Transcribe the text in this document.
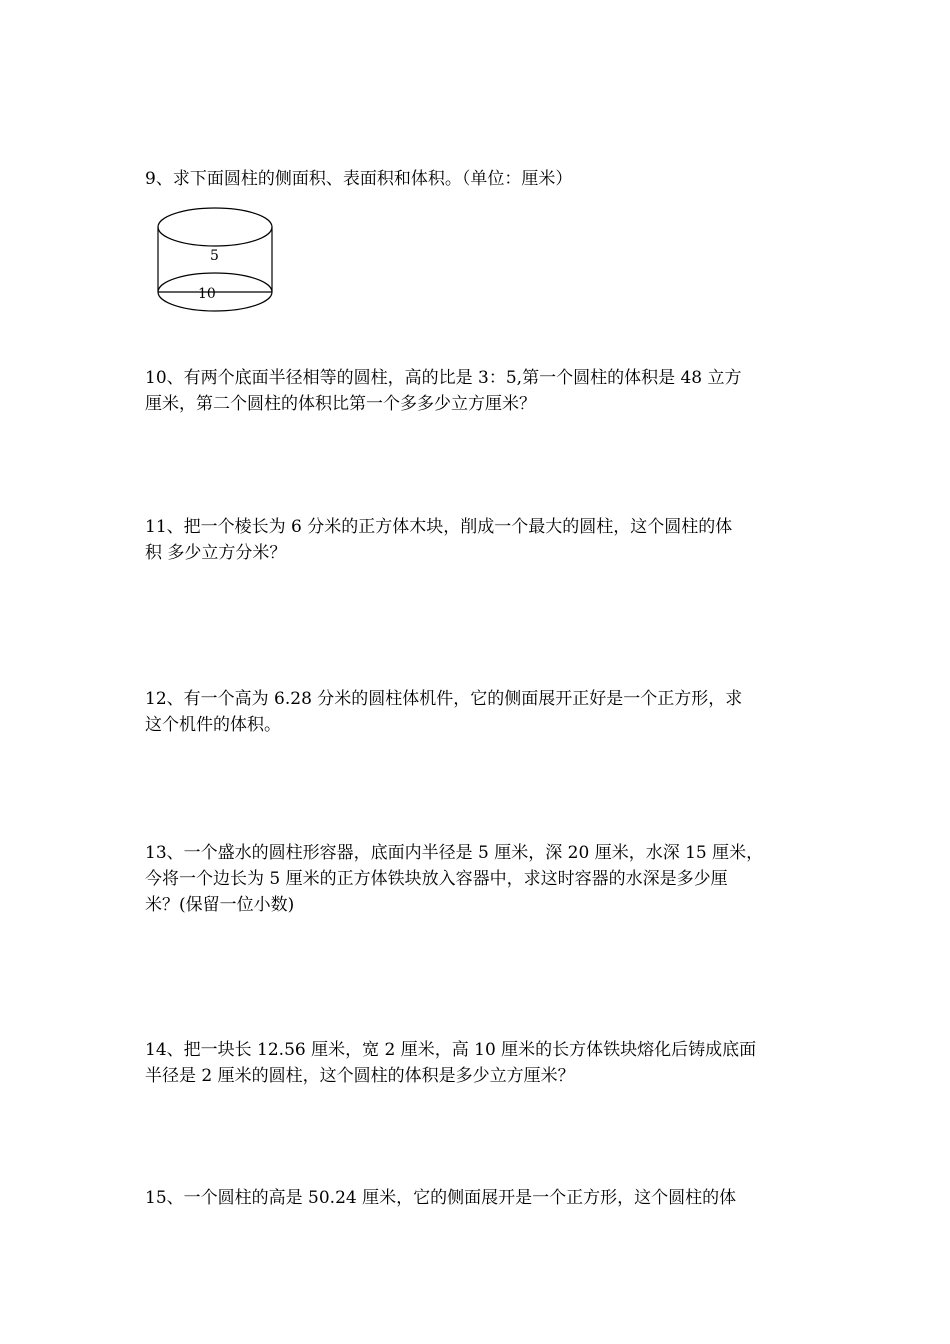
9、求下面圆柱的侧面积、表面积和体积。（单位：厘米）
5
10
10、有两个底面半径相等的圆柱，高的比是 3：5,第一个圆柱的体积是 48 立方
厘米，第二个圆柱的体积比第一个多多少立方厘米？
11、把一个棱长为 6 分米的正方体木块，削成一个最大的圆柱，这个圆柱的体
积 多少立方分米？
12、有一个高为 6.28 分米的圆柱体机件，它的侧面展开正好是一个正方形，求
这个机件的体积。
13、一个盛水的圆柱形容器，底面内半径是 5 厘米，深 20 厘米，水深 15 厘米，
今将一个边长为 5 厘米的正方体铁块放入容器中，求这时容器的水深是多少厘
米？(保留一位小数)
14、把一块长 12.56 厘米，宽 2 厘米，高 10 厘米的长方体铁块熔化后铸成底面
半径是 2 厘米的圆柱，这个圆柱的体积是多少立方厘米？
15、一个圆柱的高是 50.24 厘米，它的侧面展开是一个正方形，这个圆柱的体
